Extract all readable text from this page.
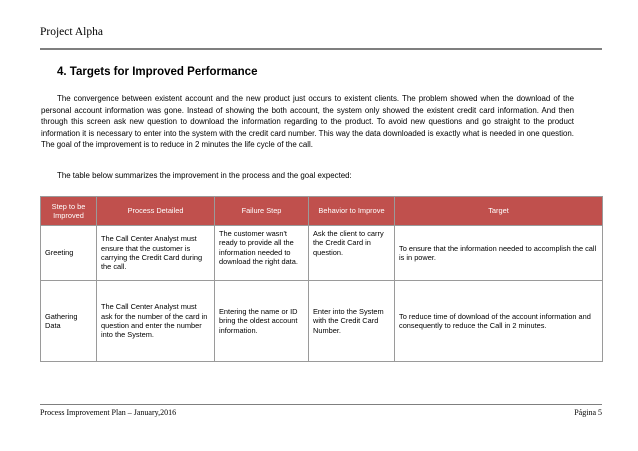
Project Alpha
4. Targets for Improved Performance

The convergence between existent account and the new product just occurs to existent clients. The problem showed when the download of the personal account information was gone. Instead of showing the both account, the system only showed the existent credit card information. And then through this screen ask new question to download the information regarding to the product. To avoid new questions and go straight to the product information it is necessary to enter into the system with the credit card number. This way the data downloaded is exactly what is needed in one question. The goal of the improvement is to reduce in 2 minutes the life cycle of the call.

The table below summarizes the improvement in the process and the goal expected:

Step to be Improved	Process Detailed	Failure Step	Behavior to Improve	Target
Greeting	The Call Center Analyst must ensure that the customer is carrying the Credit Card during the call.	The customer wasn't ready to provide all the information needed to download the right data.	Ask the client to carry the Credit Card in question.	To ensure that the information needed to accomplish the call is in power.
Gathering Data	The Call Center Analyst must ask for the number of the card in question and enter the number into the System.	Entering the name or ID bring the oldest account information.	Enter into the System with the Credit Card Number.	To reduce time of download of the account information and consequently to reduce the Call in 2 minutes.
Process Improvement Plan – January,2016	Página 5
